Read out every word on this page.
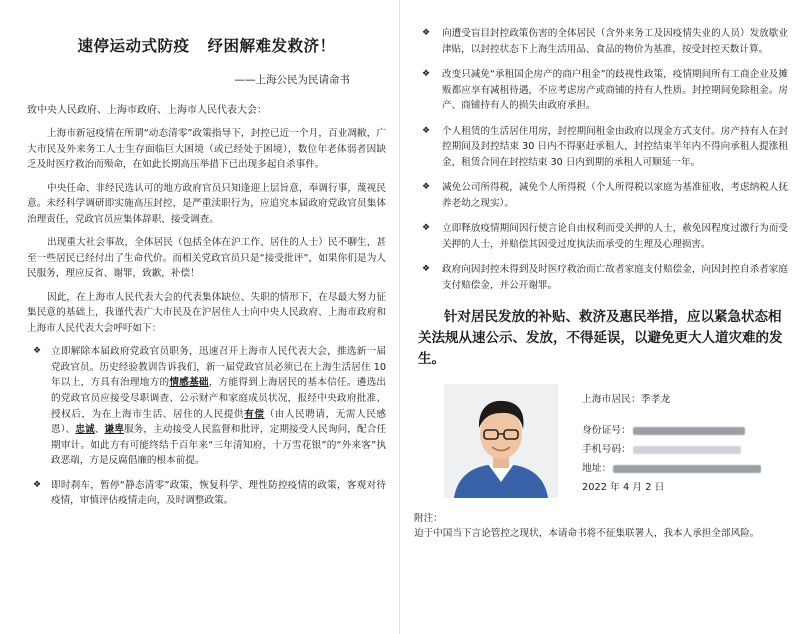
速停运动式防疫 纾困解难发救济！
——上海公民为民请命书
致中央人民政府、上海市政府、上海市人民代表大会：

上海市新冠疫情在所谓“动态清零”政策指导下，封控已近一个月，百业凋敝，广大市民及外来务工人士生存面临巨大困境（或已经处于困境），数位年老体弱者因缺乏及时医疗救治而殒命，在如此长期高压举措下已出现多起自杀事件。

中央任命、非经民选认可的地方政府官员只知逢迎上层旨意，奉调行事，蔑视民意。未经科学调研即实施高压封控，是严重渎职行为，应追究本届政府党政官员集体治理责任，党政官员应集体辞职、接受调查。

出现重大社会事故，全体居民（包括全体在沪工作、居住的人士）民不聊生，甚至一些居民已经付出了生命代价。而相关党政官员只是“接受批评”，如果你们是为人民服务，理应反省、谢罪，致歉，补偿！

因此，在上海市人民代表大会的代表集体缺位、失职的情形下，在尽最大努力征集民意的基础上，我谨代表广大市民及在沪居住人士向中央人民政府、上海市政府和上海市人民代表大会呼吁如下：

❖ 立即解除本届政府党政官员职务，迅速召开上海市人民代表大会，推选新一届党政官员。历史经验教训告诉我们，新一届党政官员必须已在上海生活居住 10 年以上，方具有治理地方的情感基础，方能得到上海居民的基本信任。遴选出的党政官员应接受尽职调查、公示财产和家庭成员状况，报经中央政府批准、授权后，为在上海市生活、居住的人民提供有偿（由人民聘请，无需人民感恩）、忠诚、谦卑服务，主动接受人民监督和批评，定期接受人民询问，配合任期审计。如此方有可能终结千百年来“三年清知府，十万雪花银”的“外来客”执政恶端，方是反腐倡廉的根本前提。
❖ 即时刹车，暂停“静态清零”政策，恢复科学、理性防控疫情的政策，客观对待疫情，审慎评估疫情走向，及时调整政策。
❖ 向遭受盲目封控政策伤害的全体居民（含外来务工及因疫情失业的人员）发放歇业津贴，以封控状态下上海生活用品、食品的物价为基准，按受封控天数计算。
❖ 改变只减免“承租国企房产的商户租金”的歧视性政策，疫情期间所有工商企业及摊贩都应享有减租待遇，不应考虑房产或商铺的持有人性质。封控期间免除租金。房产、商铺持有人的损失由政府承担。
❖ 个人租赁的生活居住用房，封控期间租金由政府以现金方式支付。房产持有人在封控期间及封控结束 30 日内不得驱赶承租人，封控结束半年内不得向承租人提涨租金，租赁合同在封控结束 30 日内到期的承租人可顺延一年。
❖ 减免公司所得税，减免个人所得税（个人所得税以家庭为基准征收，考虑纳税人抚养老幼之现实）。
❖ 立即释放疫情期间因行使言论自由权利而受关押的人士，赦免因程度过激行为而受关押的人士，并赔偿其因受过度执法而承受的生理及心理损害。
❖ 政府向因封控未得到及时医疗救治而亡故者家庭支付赔偿金，向因封控自杀者家庭支付赔偿金，并公开谢罪。
针对居民发放的补贴、救济及惠民举措，应以紧急状态相关法规从速公示、发放，不得延误，以避免更大人道灾难的发生。
上海市居民： 季孝龙
身份证号：
手机号码：
地址：
2022 年 4 月 2 日
附注：

迫于中国当下言论管控之现状，本请命书将不征集联署人，我本人承担全部风险。
